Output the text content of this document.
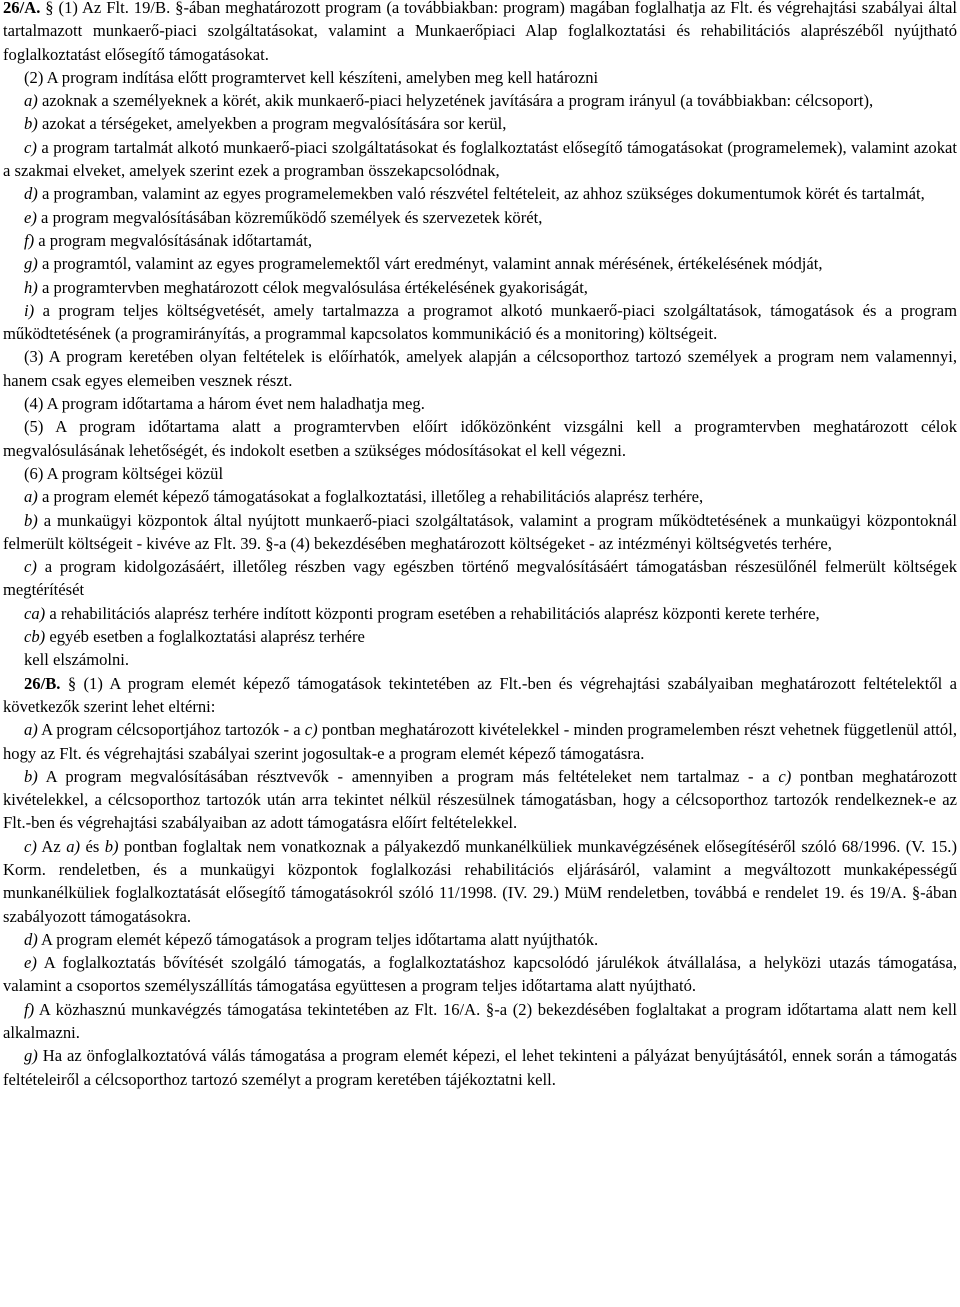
26/A. § (1) Az Flt. 19/B. §-ában meghatározott program (a továbbiakban: program) magában foglalhatja az Flt. és végrehajtási szabályai által tartalmazott munkaerő-piaci szolgáltatásokat, valamint a Munkaerőpiaci Alap foglalkoztatási és rehabilitációs alaprészéből nyújtható foglalkoztatást elősegítő támogatásokat.

(2) A program indítása előtt programtervet kell készíteni, amelyben meg kell határozni

a) azoknak a személyeknek a körét, akik munkaerő-piaci helyzetének javítására a program irányul (a továbbiakban: célcsoport),

b) azokat a térségeket, amelyekben a program megvalósítására sor kerül,

c) a program tartalmát alkotó munkaerő-piaci szolgáltatásokat és foglalkoztatást elősegítő támogatásokat (programelemek), valamint azokat a szakmai elveket, amelyek szerint ezek a programban összekapcsolódnak,

d) a programban, valamint az egyes programelemekben való részvétel feltételeit, az ahhoz szükséges dokumentumok körét és tartalmát,

e) a program megvalósításában közreműködő személyek és szervezetek körét,

f) a program megvalósításának időtartamát,

g) a programtól, valamint az egyes programelemektől várt eredményt, valamint annak mérésének, értékelésének módját,

h) a programtervben meghatározott célok megvalósulása értékelésének gyakoriságát,

i) a program teljes költségvetését, amely tartalmazza a programot alkotó munkaerő-piaci szolgáltatások, támogatások és a program működtetésének (a programirányítás, a programmal kapcsolatos kommunikáció és a monitoring) költségeit.

(3) A program keretében olyan feltételek is előírhatók, amelyek alapján a célcsoporthoz tartozó személyek a program nem valamennyi, hanem csak egyes elemeiben vesznek részt.

(4) A program időtartama a három évet nem haladhatja meg.

(5) A program időtartama alatt a programtervben előírt időközönként vizsgálni kell a programtervben meghatározott célok megvalósulásának lehetőségét, és indokolt esetben a szükséges módosításokat el kell végezni.

(6) A program költségei közül

a) a program elemét képező támogatásokat a foglalkoztatási, illetőleg a rehabilitációs alaprész terhére,

b) a munkaügyi központok által nyújtott munkaerő-piaci szolgáltatások, valamint a program működtetésének a munkaügyi központoknál felmerült költségeit - kivéve az Flt. 39. §-a (4) bekezdésében meghatározott költségeket - az intézményi költségvetés terhére,

c) a program kidolgozásáért, illetőleg részben vagy egészben történő megvalósításáért támogatásban részesülőnél felmerült költségek megtérítését

ca) a rehabilitációs alaprész terhére indított központi program esetében a rehabilitációs alaprész központi kerete terhére,

cb) egyéb esetben a foglalkoztatási alaprész terhére

kell elszámolni.

26/B. § (1) A program elemét képező támogatások tekintetében az Flt.-ben és végrehajtási szabályaiban meghatározott feltételektől a következők szerint lehet eltérni:

a) A program célcsoportjához tartozók - a c) pontban meghatározott kivételekkel - minden programelemben részt vehetnek függetlenül attól, hogy az Flt. és végrehajtási szabályai szerint jogosultak-e a program elemét képező támogatásra.

b) A program megvalósításában résztvevők - amennyiben a program más feltételeket nem tartalmaz - a c) pontban meghatározott kivételekkel, a célcsoporthoz tartozók után arra tekintet nélkül részesülnek támogatásban, hogy a célcsoporthoz tartozók rendelkeznek-e az Flt.-ben és végrehajtási szabályaiban az adott támogatásra előírt feltételekkel.

c) Az a) és b) pontban foglaltak nem vonatkoznak a pályakezdő munkanélküliek munkavégzésének elősegítéséről szóló 68/1996. (V. 15.) Korm. rendeletben, és a munkaügyi központok foglalkozási rehabilitációs eljárásáról, valamint a megváltozott munkaképességű munkanélküliek foglalkoztatását elősegítő támogatásokról szóló 11/1998. (IV. 29.) MüM rendeletben, továbbá e rendelet 19. és 19/A. §-ában szabályozott támogatásokra.

d) A program elemét képező támogatások a program teljes időtartama alatt nyújthatók.

e) A foglalkoztatás bővítését szolgáló támogatás, a foglalkoztatáshoz kapcsolódó járulékok átvállalása, a helyközi utazás támogatása, valamint a csoportos személyszállítás támogatása együttesen a program teljes időtartama alatt nyújtható.

f) A közhasznú munkavégzés támogatása tekintetében az Flt. 16/A. §-a (2) bekezdésében foglaltakat a program időtartama alatt nem kell alkalmazni.

g) Ha az önfoglalkoztatóvá válás támogatása a program elemét képezi, el lehet tekinteni a pályázat benyújtásától, ennek során a támogatás feltételeiről a célcsoporthoz tartozó személyt a program keretében tájékoztatni kell.
